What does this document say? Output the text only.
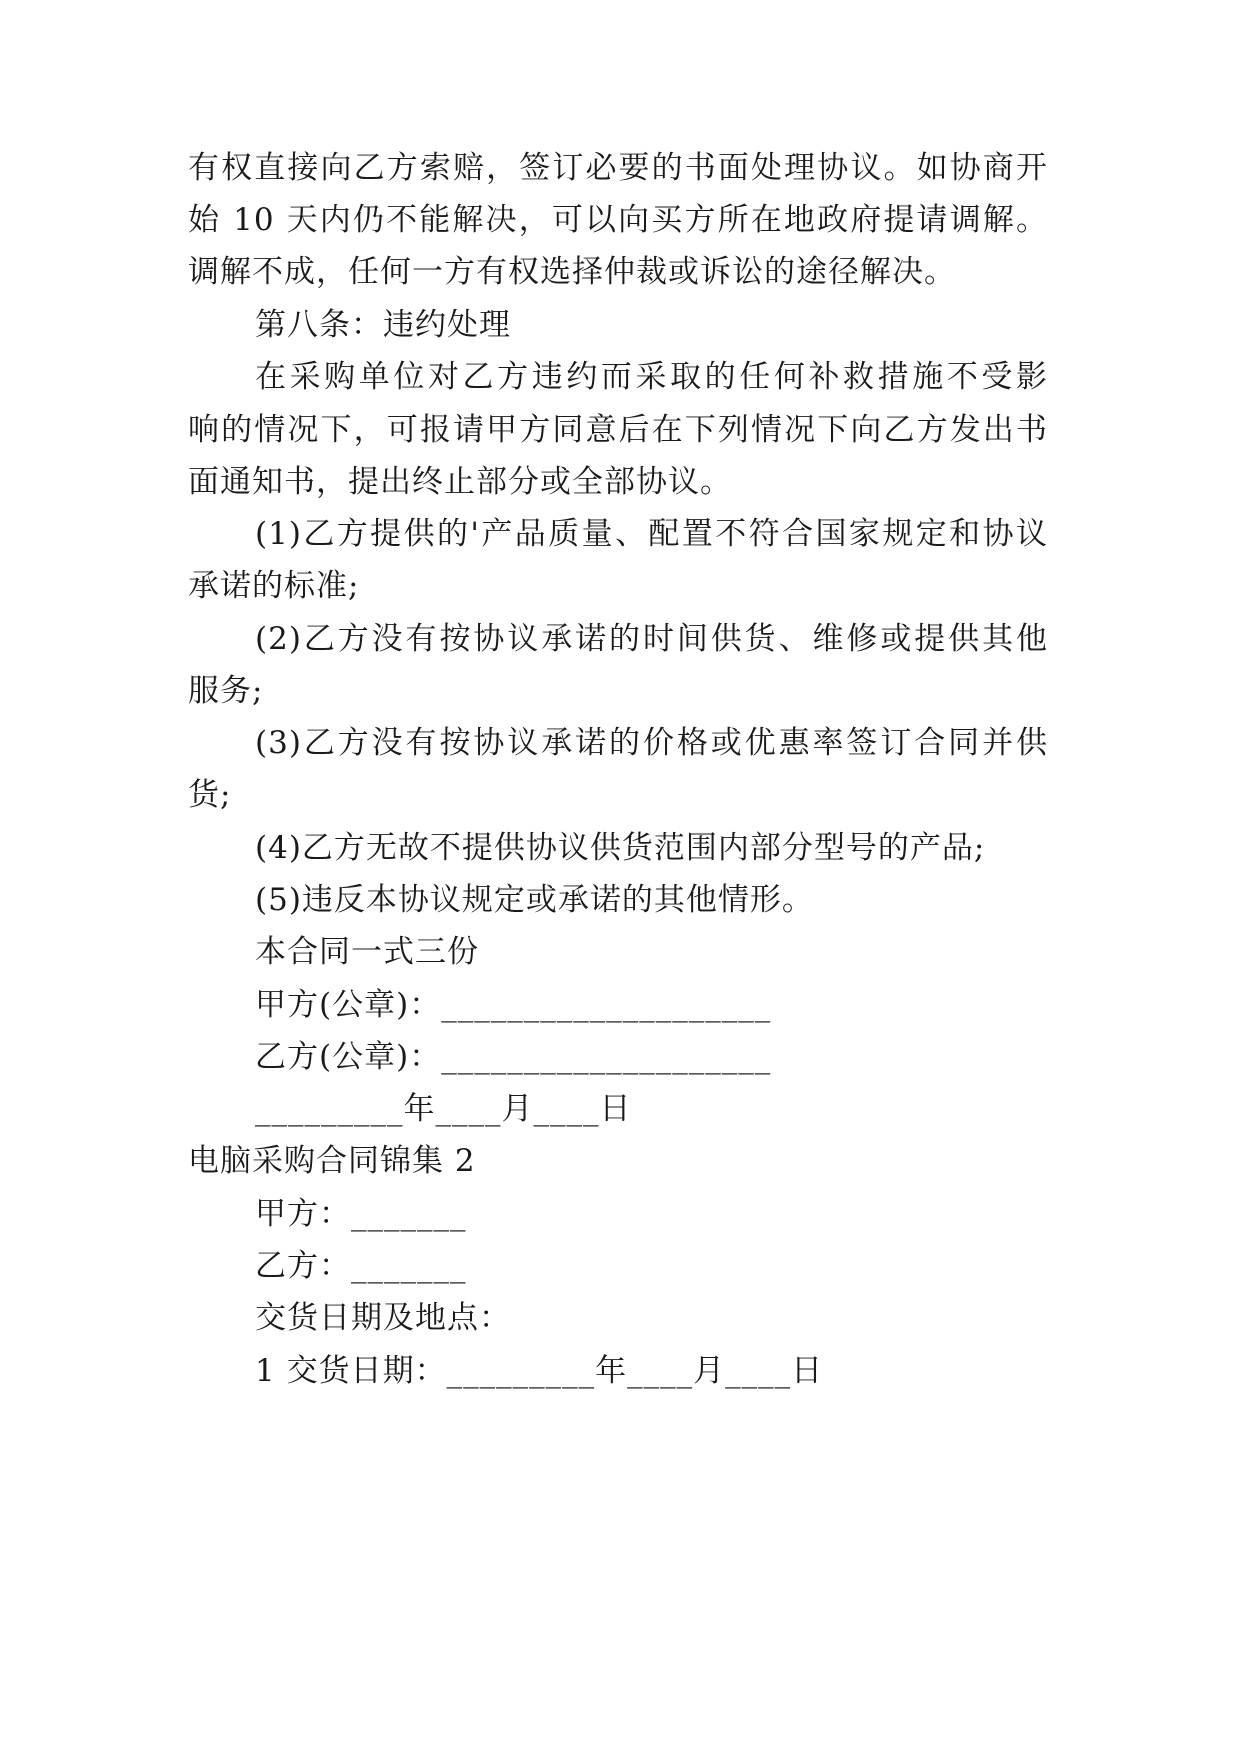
有权直接向乙方索赔，签订必要的书面处理协议。如协商开
始 10 天内仍不能解决，可以向买方所在地政府提请调解。
调解不成，任何一方有权选择仲裁或诉讼的途径解决。
第八条：违约处理
在采购单位对乙方违约而采取的任何补救措施不受影
响的情况下，可报请甲方同意后在下列情况下向乙方发出书
面通知书，提出终止部分或全部协议。
(1)乙方提供的'产品质量、配置不符合国家规定和协议
承诺的标准;
(2)乙方没有按协议承诺的时间供货、维修或提供其他
服务;
(3)乙方没有按协议承诺的价格或优惠率签订合同并供
货;
(4)乙方无故不提供协议供货范围内部分型号的产品;
(5)违反本协议规定或承诺的其他情形。
本合同一式三份
甲方(公章)：____________________
乙方(公章)：____________________
_________年____月____日
电脑采购合同锦集 2
甲方：_______
乙方：_______
交货日期及地点：
1 交货日期：_________年____月____日
